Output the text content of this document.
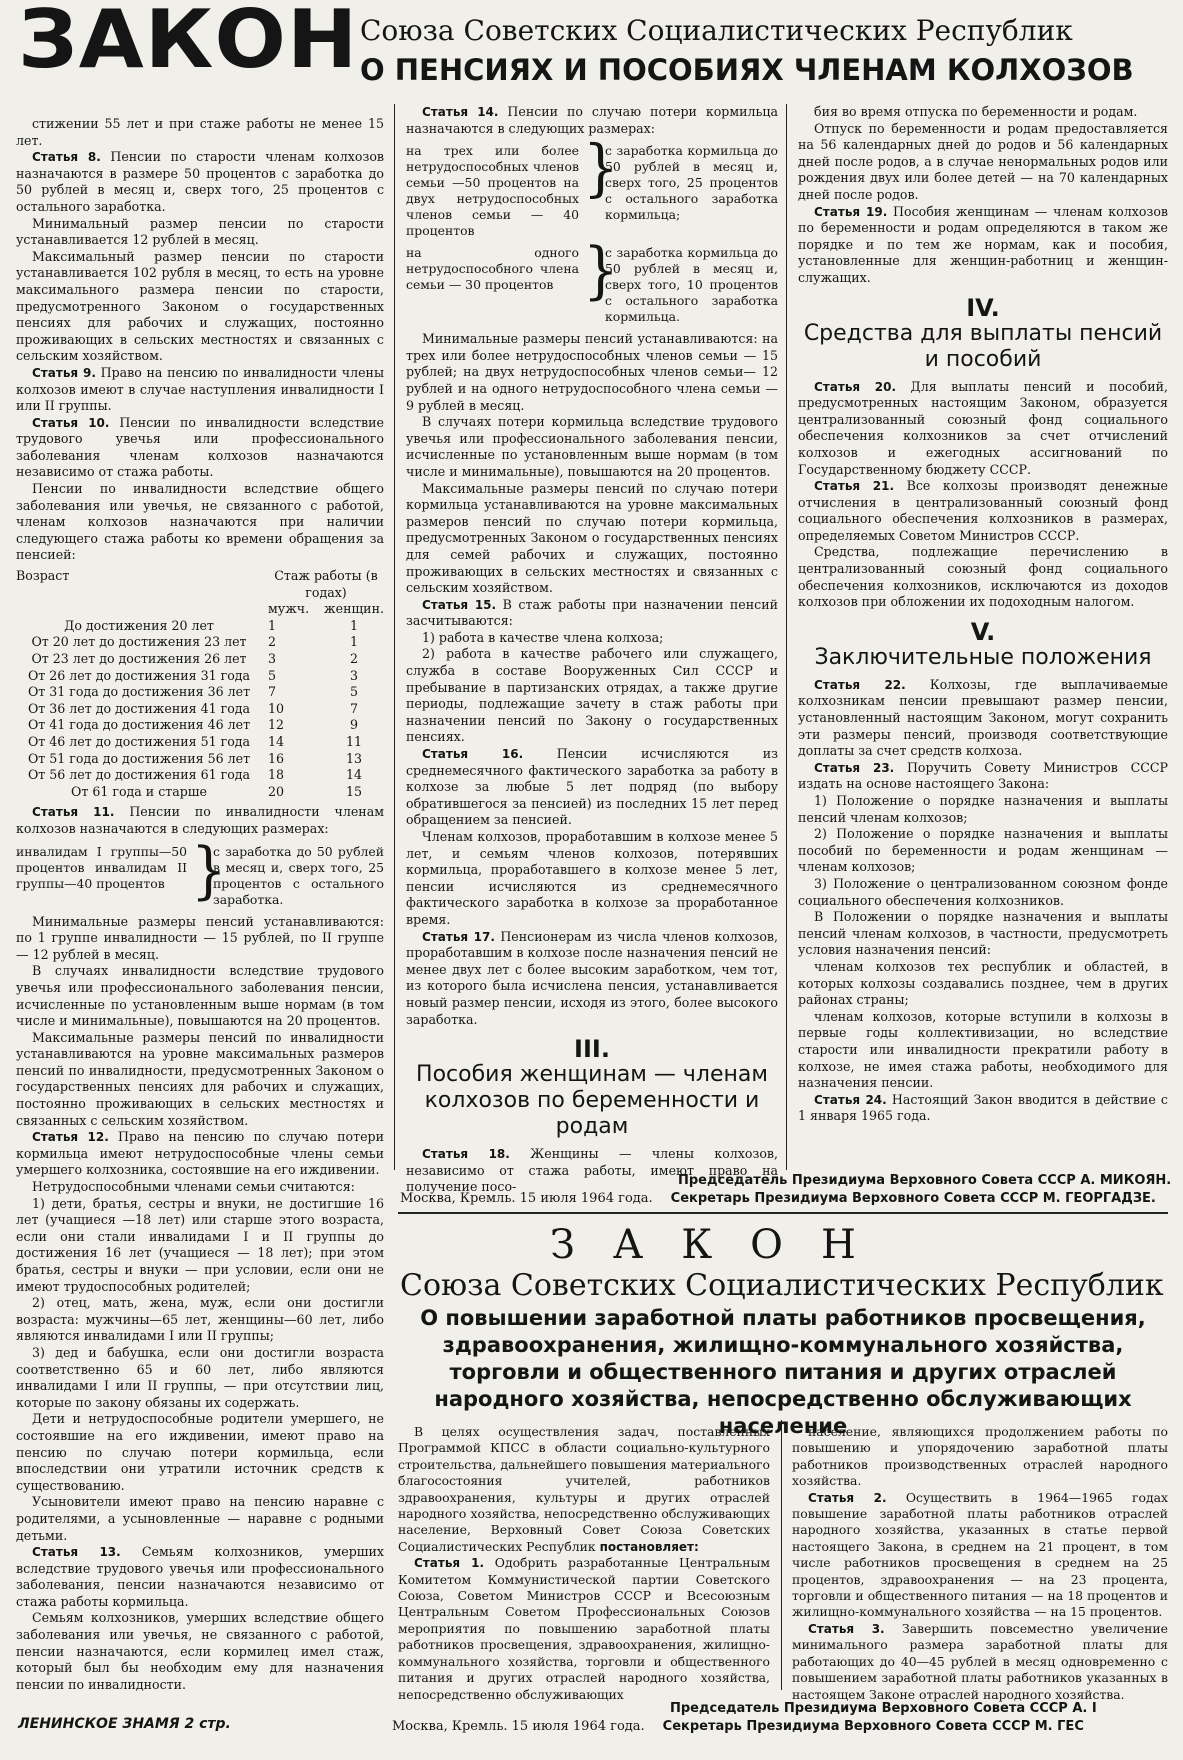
ЗАКОН Союза Советских Социалистических Республик
О ПЕНСИЯХ И ПОСОБИЯХ ЧЛЕНАМ КОЛХОЗОВ

стижении 55 лет и при стаже работы не менее 15 лет.

Статья 8. Пенсии по старости членам колхозов назначаются в размере 50 процентов с заработка до 50 рублей в месяц и, сверх того, 25 процентов с остального заработка.

Минимальный размер пенсии по старости устанавливается 12 рублей в месяц.

Максимальный размер пенсии по старости устанавливается 102 рубля в месяц, то есть на уровне максимального размера пенсии по старости, предусмотренного Законом о государственных пенсиях для рабочих и служащих, постоянно проживающих в сельских местностях и связанных с сельским хозяйством.

Статья 9. Право на пенсию по инвалидности члены колхозов имеют в случае наступления инвалидности I или II группы.

Статья 10. Пенсии по инвалидности вследствие трудового увечья или профессионального заболевания членам колхозов назначаются независимо от стажа работы.

Пенсии по инвалидности вследствие общего заболевания или увечья, не связанного с работой, членам колхозов назначаются при наличии следующего стажа работы ко времени обращения за пенсией:

Возраст	Стаж работы (в годах)
мужч.	женщин.
До достижения 20 лет	1	1
От 20 лет до достижения 23 лет	2	1
От 23 лет до достижения 26 лет	3	2
От 26 лет до достижения 31 года	5	3
От 31 года до достижения 36 лет	7	5
От 36 лет до достижения 41 года	10	7
От 41 года до достижения 46 лет	12	9
От 46 лет до достижения 51 года	14	11
От 51 года до достижения 56 лет	16	13
От 56 лет до достижения 61 года	18	14
От 61 года и старше	20	15

Статья 11. Пенсии по инвалидности членам колхозов назначаются в следующих размерах:

инвалидам I группы—50 процентов инвалидам II группы—40 процентов }
с заработка до 50 рублей в месяц и, сверх того, 25 процентов с остального заработка.

Минимальные размеры пенсий устанавливаются: по 1 группе инвалидности — 15 рублей, по II группе — 12 рублей в месяц.

В случаях инвалидности вследствие трудового увечья или профессионального заболевания пенсии, исчисленные по установленным выше нормам (в том числе и минимальные), повышаются на 20 процентов.

Максимальные размеры пенсий по инвалидности устанавливаются на уровне максимальных размеров пенсий по инвалидности, предусмотренных Законом о государственных пенсиях для рабочих и служащих, постоянно проживающих в сельских местностях и связанных с сельским хозяйством.

Статья 12. Право на пенсию по случаю потери кормильца имеют нетрудоспособные члены семьи умершего колхозника, состоявшие на его иждивении.

Нетрудоспособными членами семьи считаются:

1) дети, братья, сестры и внуки, не достигшие 16 лет (учащиеся —18 лет) или старше этого возраста, если они стали инвалидами I и II группы до достижения 16 лет (учащиеся — 18 лет); при этом братья, сестры и внуки — при условии, если они не имеют трудоспособных родителей;

2) отец, мать, жена, муж, если они достигли возраста: мужчины—65 лет, женщины—60 лет, либо являются инвалидами I или II группы;

3) дед и бабушка, если они достигли возраста соответственно 65 и 60 лет, либо являются инвалидами I или II группы, — при отсутствии лиц, которые по закону обязаны их содержать.

Дети и нетрудоспособные родители умершего, не состоявшие на его иждивении, имеют право на пенсию по случаю потери кормильца, если впоследствии они утратили источник средств к существованию.

Усыновители имеют право на пенсию наравне с родителями, а усыновленные — наравне с родными детьми.

Статья 13. Семьям колхозников, умерших вследствие трудового увечья или профессионального заболевания, пенсии назначаются независимо от стажа работы кормильца.

Семьям колхозников, умерших вследствие общего заболевания или увечья, не связанного с работой, пенсии назначаются, если кормилец имел стаж, который был бы необходим ему для назначения пенсии по инвалидности.

Статья 14. Пенсии по случаю потери кормильца назначаются в следующих размерах:

на трех или более нетрудоспособных членов семьи —50 процентов на двух нетрудоспособных членов семьи — 40 процентов
}
с заработка кормильца до 50 рублей в месяц и, сверх того, 25 процентов с остального заработка кормильца;
на одного нетрудоспособного члена семьи — 30 процентов }
с заработка кормильца до 50 рублей в месяц и, сверх того, 10 процентов с остального заработка кормильца.

Минимальные размеры пенсий устанавливаются: на трех или более нетрудоспособных членов семьи — 15 рублей; на двух нетрудоспособных членов семьи— 12 рублей и на одного нетрудоспособного члена семьи — 9 рублей в месяц.

В случаях потери кормильца вследствие трудового увечья или профессионального заболевания пенсии, исчисленные по установленным выше нормам (в том числе и минимальные), повышаются на 20 процентов.

Максимальные размеры пенсий по случаю потери кормильца устанавливаются на уровне максимальных размеров пенсий по случаю потери кормильца, предусмотренных Законом о государственных пенсиях для семей рабочих и служащих, постоянно проживающих в сельских местностях и связанных с сельским хозяйством.

Статья 15. В стаж работы при назначении пенсий засчитываются:

1) работа в качестве члена колхоза;

2) работа в качестве рабочего или служащего, служба в составе Вооруженных Сил СССР и пребывание в партизанских отрядах, а также другие периоды, подлежащие зачету в стаж работы при назначении пенсий по Закону о государственных пенсиях.

Статья 16.	Пенсии исчисляются из среднемесячного фактического заработка за работу в колхозе за любые 5 лет подряд (по выбору обратившегося за пенсией) из последних 15 лет перед обращением за пенсией.

Членам колхозов, проработавшим в колхозе менее 5 лет, и семьям членов колхозов, потерявших кормильца, проработавшего в колхозе менее 5 лет, пенсии исчисляются из среднемесячного фактического заработка в колхозе за проработанное время.

Статья 17. Пенсионерам из числа членов колхозов, проработавшим в колхозе после назначения пенсий не менее двух лет с более высоким заработком, чем тот, из которого была исчислена пенсия, устанавливается новый размер пенсии, исходя из этого, более высокого заработка.

III.
Пособия женщинам — членам колхозов по беременности и родам

Статья 18. Женщины — члены колхозов, независимо от стажа работы, имеют право на получение посо-

бия во время отпуска по беременности и родам.

Отпуск по беременности и родам предоставляется на 56 календарных дней до родов и 56 календарных дней после родов, а в случае ненормальных родов или рождения двух или более детей — на 70 календарных дней после родов.

Статья 19. Пособия женщинам — членам колхозов по беременности и родам определяются в таком же порядке и по тем же нормам, как и пособия, установленные для женщин-работниц и женщин-служащих.

IV.
Средства для выплаты пенсий и пособий

Статья 20. Для выплаты пенсий и пособий, предусмотренных настоящим Законом, образуется централизованный союзный фонд социального обеспечения колхозников за счет отчислений колхозов и ежегодных ассигнований по Государственному бюджету СССР.

Статья 21. Все колхозы производят денежные отчисления в централизованный союзный фонд социального обеспечения колхозников в размерах, определяемых Советом Министров СССР.

Средства, подлежащие перечислению в централизованный союзный фонд социального обеспечения колхозников, исключаются из доходов колхозов при обложении их подоходным налогом.

V.
Заключительные положения

Статья 22. Колхозы, где выплачиваемые колхозникам пенсии превышают размер пенсии, установленный настоящим Законом, могут сохранить эти размеры пенсий, производя соответствующие доплаты за счет средств колхоза.

Статья 23. Поручить Совету Министров СССР издать на основе настоящего Закона:

1) Положение о порядке назначения и выплаты пенсий членам колхозов;

2) Положение о порядке назначения и выплаты пособий по беременности и родам женщинам — членам колхозов;

3) Положение о централизованном союзном фонде социального обеспечения колхозников.

В Положении о порядке назначения и выплаты пенсий членам колхозов, в частности, предусмотреть условия назначения пенсий:

членам колхозов тех республик и областей, в которых колхозы создавались позднее, чем в других районах страны;

членам колхозов, которые вступили в колхозы в первые годы коллективизации, но вследствие старости или инвалидности прекратили работу в колхозе, не имея стажа работы, необходимого для назначения пенсии.

Статья 24. Настоящий Закон вводится в действие с 1 января 1965 года.

Председатель Президиума Верховного Совета СССР А. МИКОЯН.
Москва, Кремль. 15 июля 1964 года. Секретарь Президиума Верховного Совета СССР М. ГЕОРГАДЗЕ.
ЗАКОН
Союза Советских Социалистических Республик
О повышении заработной платы работников просвещения, здравоохранения, жилищно-коммунального хозяйства, торговли и общественного питания и других отраслей народного хозяйства, непосредственно обслуживающих население

В целях осуществления задач, поставленных Программой КПСС в области социально-культурного строительства, дальнейшего повышения материального благосостояния учителей, работников здравоохранения, культуры и других отраслей народного хозяйства, непосредственно обслуживающих население, Верховный Совет Союза Советских Социалистических Республик постановляет:

Статья 1. Одобрить разработанные Центральным Комитетом Коммунистической партии Советского Союза, Советом Министров СССР и Всесоюзным Центральным Советом Профессиональных Союзов мероприятия по повышению заработной платы работников просвещения, здравоохранения, жилищно-коммунального хозяйства, торговли и общественного питания и других отраслей народного хозяйства, непосредственно обслуживающих

население, являющихся продолжением работы по повышению и упорядочению заработной платы работников производственных отраслей народного хозяйства.

Статья 2. Осуществить в 1964—1965 годах повышение заработной платы работников отраслей народного хозяйства, указанных в статье первой настоящего Закона, в среднем на 21 процент, в том числе работников просвещения в среднем на 25 процентов, здравоохранения — на 23 процента, торговли и общественного питания — на 18 процентов и жилищно-коммунального хозяйства — на 15 процентов.

Статья 3. Завершить повсеместно увеличение минимального размера заработной платы для работающих до 40—45 рублей в месяц одновременно с повышением заработной платы работников указанных в настоящем Законе отраслей народного хозяйства.

Председатель Президиума Верховного Совета СССР А. I
Москва, Кремль. 15 июля 1964 года. Секретарь Президиума Верховного Совета СССР М. ГЕС
ЛЕНИНСКОЕ ЗНАМЯ 2 стр.
